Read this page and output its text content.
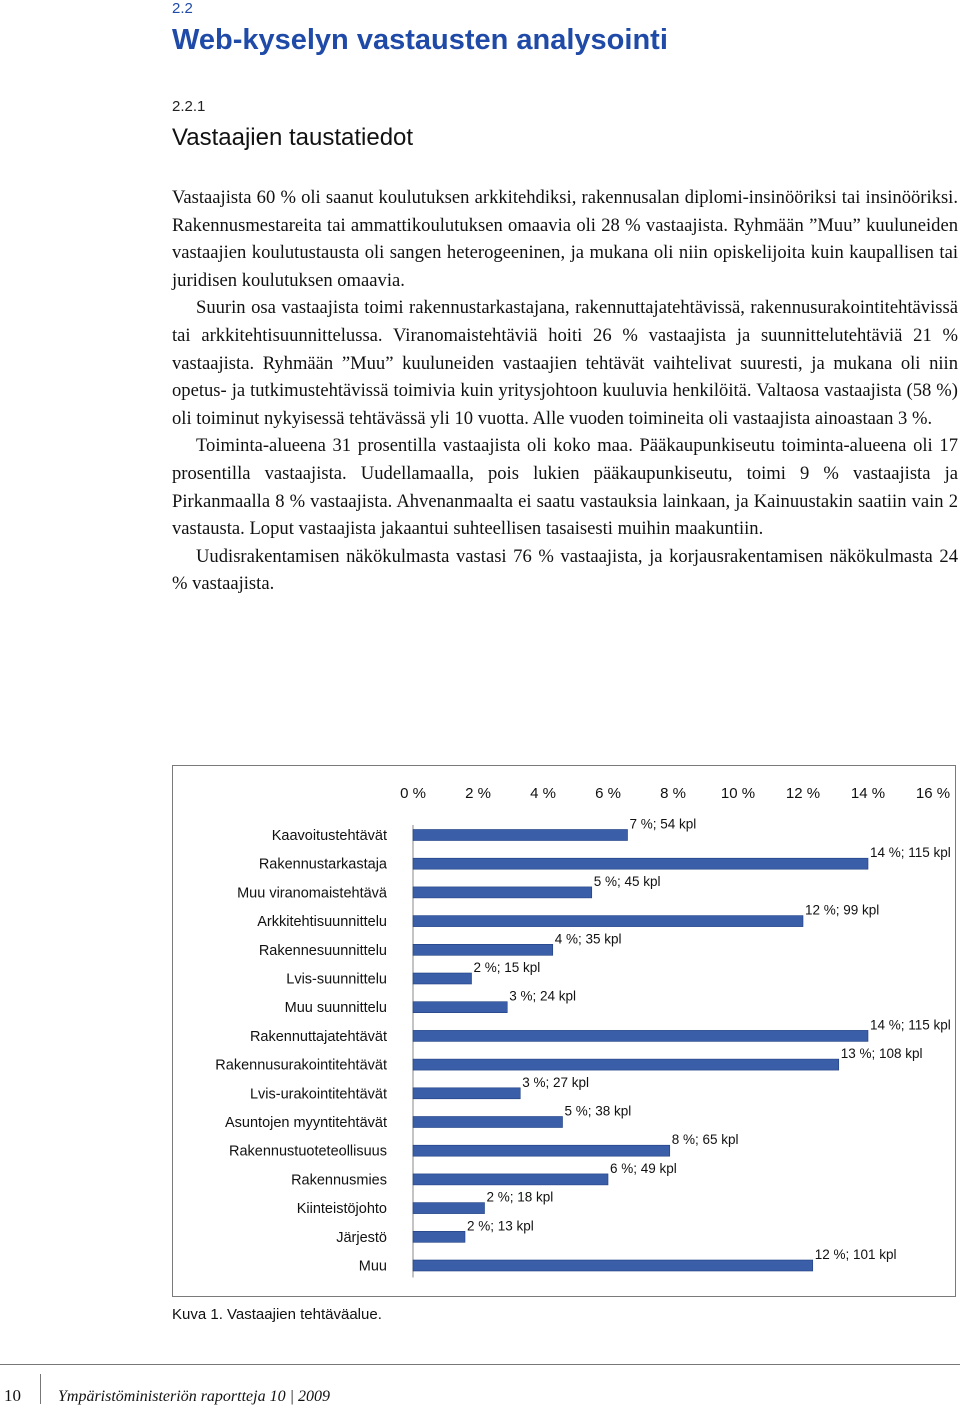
2.2
Web-kyselyn vastausten analysointi
2.2.1
Vastaajien taustatiedot

Vastaajista 60 % oli saanut koulutuksen arkkitehdiksi, rakennusalan diplomi-insinööriksi tai insinööriksi. Rakennusmestareita tai ammattikoulutuksen omaavia oli 28 % vastaajista. Ryhmään ”Muu” kuuluneiden vastaajien koulutustausta oli sangen heterogeeninen, ja mukana oli niin opiskelijoita kuin kaupallisen tai juridisen koulutuksen omaavia.

Suurin osa vastaajista toimi rakennustarkastajana, rakennuttajatehtävissä, rakennusurakointitehtävissä tai arkkitehtisuunnittelussa. Viranomaistehtäviä hoiti 26 % vastaajista ja suunnittelutehtäviä 21 % vastaajista. Ryhmään ”Muu” kuuluneiden vastaajien tehtävät vaihtelivat suuresti, ja mukana oli niin opetus- ja tutkimustehtävissä toimivia kuin yritysjohtoon kuuluvia henkilöitä. Valtaosa vastaajista (58 %) oli toiminut nykyisessä tehtävässä yli 10 vuotta. Alle vuoden toimineita oli vastaajista ainoastaan 3 %.

Toiminta-alueena 31 prosentilla vastaajista oli koko maa. Pääkaupunkiseutu toiminta-alueena oli 17 prosentilla vastaajista. Uudellamaalla, pois lukien pääkaupunkiseutu, toimi 9 % vastaajista ja Pirkanmaalla 8 % vastaajista. Ahvenanmaalta ei saatu vastauksia lainkaan, ja Kainuustakin saatiin vain 2 vastausta. Loput vastaajista jakaantui suhteellisen tasaisesti muihin maakuntiin.

Uudisrakentamisen näkökulmasta vastasi 76 % vastaajista, ja korjausrakentamisen näkökulmasta 24 % vastaajista.

0 %	2 %	4 %	6 %	8 % 10 % 12 % 14 % 16 %
Kaavoitustehtävät
7 %; 54 kpl
Rakennustarkastaja
14 %; 115 kpl
Muu viranomaistehtävä
5 %; 45 kpl
Arkkitehtisuunnittelu
12 %; 99 kpl
Rakennesuunnittelu
4 %; 35 kpl
Lvis-suunnittelu
2 %; 15 kpl
Muu suunnittelu
3 %; 24 kpl
Rakennuttajatehtävät
14 %; 115 kpl
Rakennusurakointitehtävät
13 %; 108 kpl
Lvis-urakointitehtävät
3 %; 27 kpl
Asuntojen myyntitehtävät
5 %; 38 kpl
Rakennustuoteteollisuus
8 %; 65 kpl
Rakennusmies
6 %; 49 kpl
Kiinteistöjohto
2 %; 18 kpl
Järjestö
2 %; 13 kpl
Muu
12 %; 101 kpl
Kuva 1. Vastaajien tehtäväalue.
10 Ympäristöministeriön raportteja 10 | 2009
